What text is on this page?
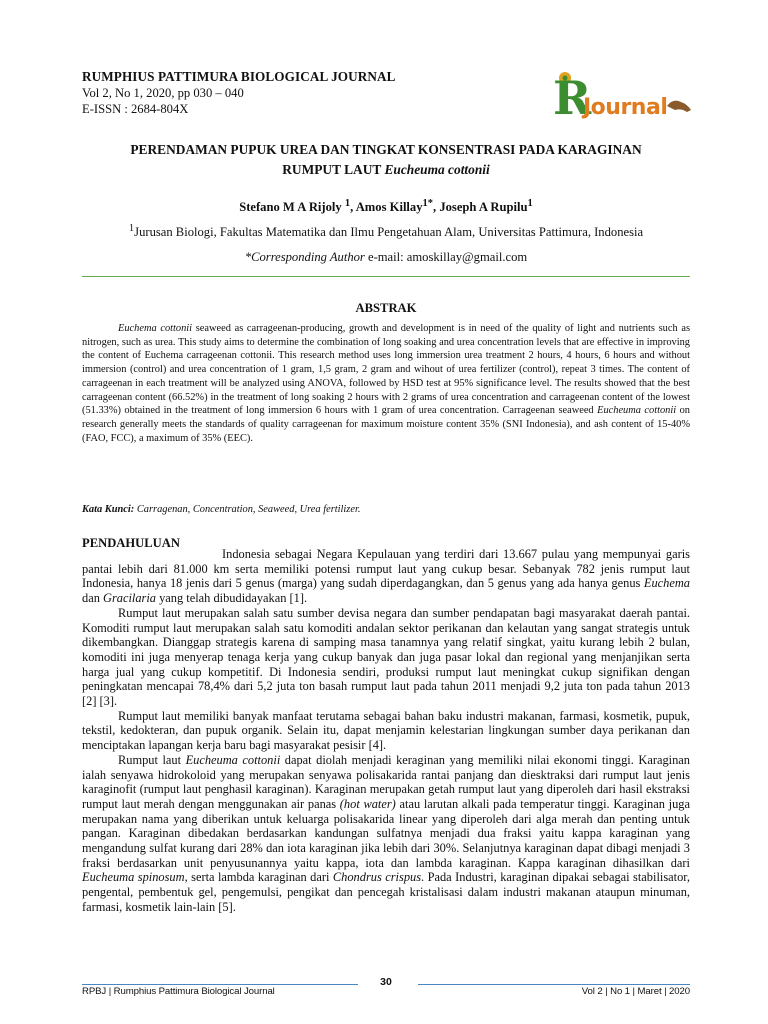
RUMPHIUS PATTIMURA BIOLOGICAL JOURNAL
Vol 2, No 1, 2020, pp 030 – 040
E-ISSN : 2684-804X	R
Journal
PERENDAMAN PUPUK UREA DAN TINGKAT KONSENTRASI PADA KARAGINAN
RUMPUT LAUT Eucheuma cottonii
Stefano M A Rijoly $^1$, Amos Killay$^{1*}$, Joseph A Rupilu$^1$
$^1$Jurusan Biologi, Fakultas Matematika dan Ilmu Pengetahuan Alam, Universitas Pattimura, Indonesia
*Corresponding Author e-mail: amoskillay@gmail.com
ABSTRAK
Euchema cottonii seaweed as carrageenan-producing, growth and development is in need of the quality of light and nutrients such as nitrogen, such as urea. This study aims to determine the combination of long soaking and urea concentration levels that are effective in improving the content of Euchema carrageenan cottonii. This research method uses long immersion urea treatment 2 hours, 4 hours, 6 hours and without immersion (control) and urea concentration of 1 gram, 1,5 gram, 2 gram and wihout of urea fertilizer (control), repeat 3 times. The content of carrageenan in each treatment will be analyzed using ANOVA, followed by HSD test at 95% significance level. The results showed that the best carrageenan content (66.52%) in the treatment of long soaking 2 hours with 2 grams of urea concentration and carrageenan content of the lowest (51.33%) obtained in the treatment of long immersion 6 hours with 1 gram of urea concentration. Carrageenan seaweed Eucheuma cottonii on research generally meets the standards of quality carrageenan for maximum moisture content 35% (SNI Indonesia), and ash content of 15-40% (FAO, FCC), a maximum of 35% (EEC).
Kata Kunci: Carragenan, Concentration, Seaweed, Urea fertilizer.
PENDAHULUAN

Indonesia sebagai Negara Kepulauan yang terdiri dari 13.667 pulau yang mempunyai garis pantai lebih dari 81.000 km serta memiliki potensi rumput laut yang cukup besar. Sebanyak 782 jenis rumput laut Indonesia, hanya 18 jenis dari 5 genus (marga) yang sudah diperdagangkan, dan 5 genus yang ada hanya genus Euchema dan Gracilaria yang telah dibudidayakan [1].

Rumput laut merupakan salah satu sumber devisa negara dan sumber pendapatan bagi masyarakat daerah pantai. Komoditi rumput laut merupakan salah satu komoditi andalan sektor perikanan dan kelautan yang sangat strategis untuk dikembangkan. Dianggap strategis karena di samping masa tanamnya yang relatif singkat, yaitu kurang lebih 2 bulan, komoditi ini juga menyerap tenaga kerja yang cukup banyak dan juga pasar lokal dan regional yang menjanjikan serta harga jual yang cukup kompetitif. Di Indonesia sendiri, produksi rumput laut meningkat cukup signifikan dengan peningkatan mencapai 78,4% dari 5,2 juta ton basah rumput laut pada tahun 2011 menjadi 9,2 juta ton pada tahun 2013 [2] [3].

Rumput laut memiliki banyak manfaat terutama sebagai bahan baku industri makanan, farmasi, kosmetik, pupuk, tekstil, kedokteran, dan pupuk organik. Selain itu, dapat menjamin kelestarian lingkungan sumber daya perikanan dan menciptakan lapangan kerja baru bagi masyarakat pesisir [4].

Rumput laut Eucheuma cottonii dapat diolah menjadi keraginan yang memiliki nilai ekonomi tinggi. Karaginan ialah senyawa hidrokoloid yang merupakan senyawa polisakarida rantai panjang dan diesktraksi dari rumput laut jenis karaginofit (rumput laut penghasil karaginan). Karaginan merupakan getah rumput laut yang diperoleh dari hasil ekstraksi rumput laut merah dengan menggunakan air panas (hot water) atau larutan alkali pada temperatur tinggi. Karaginan juga merupakan nama yang diberikan untuk keluarga polisakarida linear yang diperoleh dari alga merah dan penting untuk pangan. Karaginan dibedakan berdasarkan kandungan sulfatnya menjadi dua fraksi yaitu kappa karaginan yang mengandung sulfat kurang dari 28% dan iota karaginan jika lebih dari 30%. Selanjutnya karaginan dapat dibagi menjadi 3 fraksi berdasarkan unit penyusunannya yaitu kappa, iota dan lambda karaginan. Kappa karaginan dihasilkan dari Eucheuma spinosum, serta lambda karaginan dari Chondrus crispus. Pada Industri, karaginan dipakai sebagai stabilisator, pengental, pembentuk gel, pengemulsi, pengikat dan pencegah kristalisasi dalam industri makanan ataupun minuman, farmasi, kosmetik lain-lain [5].

30
RPBJ | Rumphius Pattimura Biological Journal	Vol 2 | No 1 | Maret | 2020
